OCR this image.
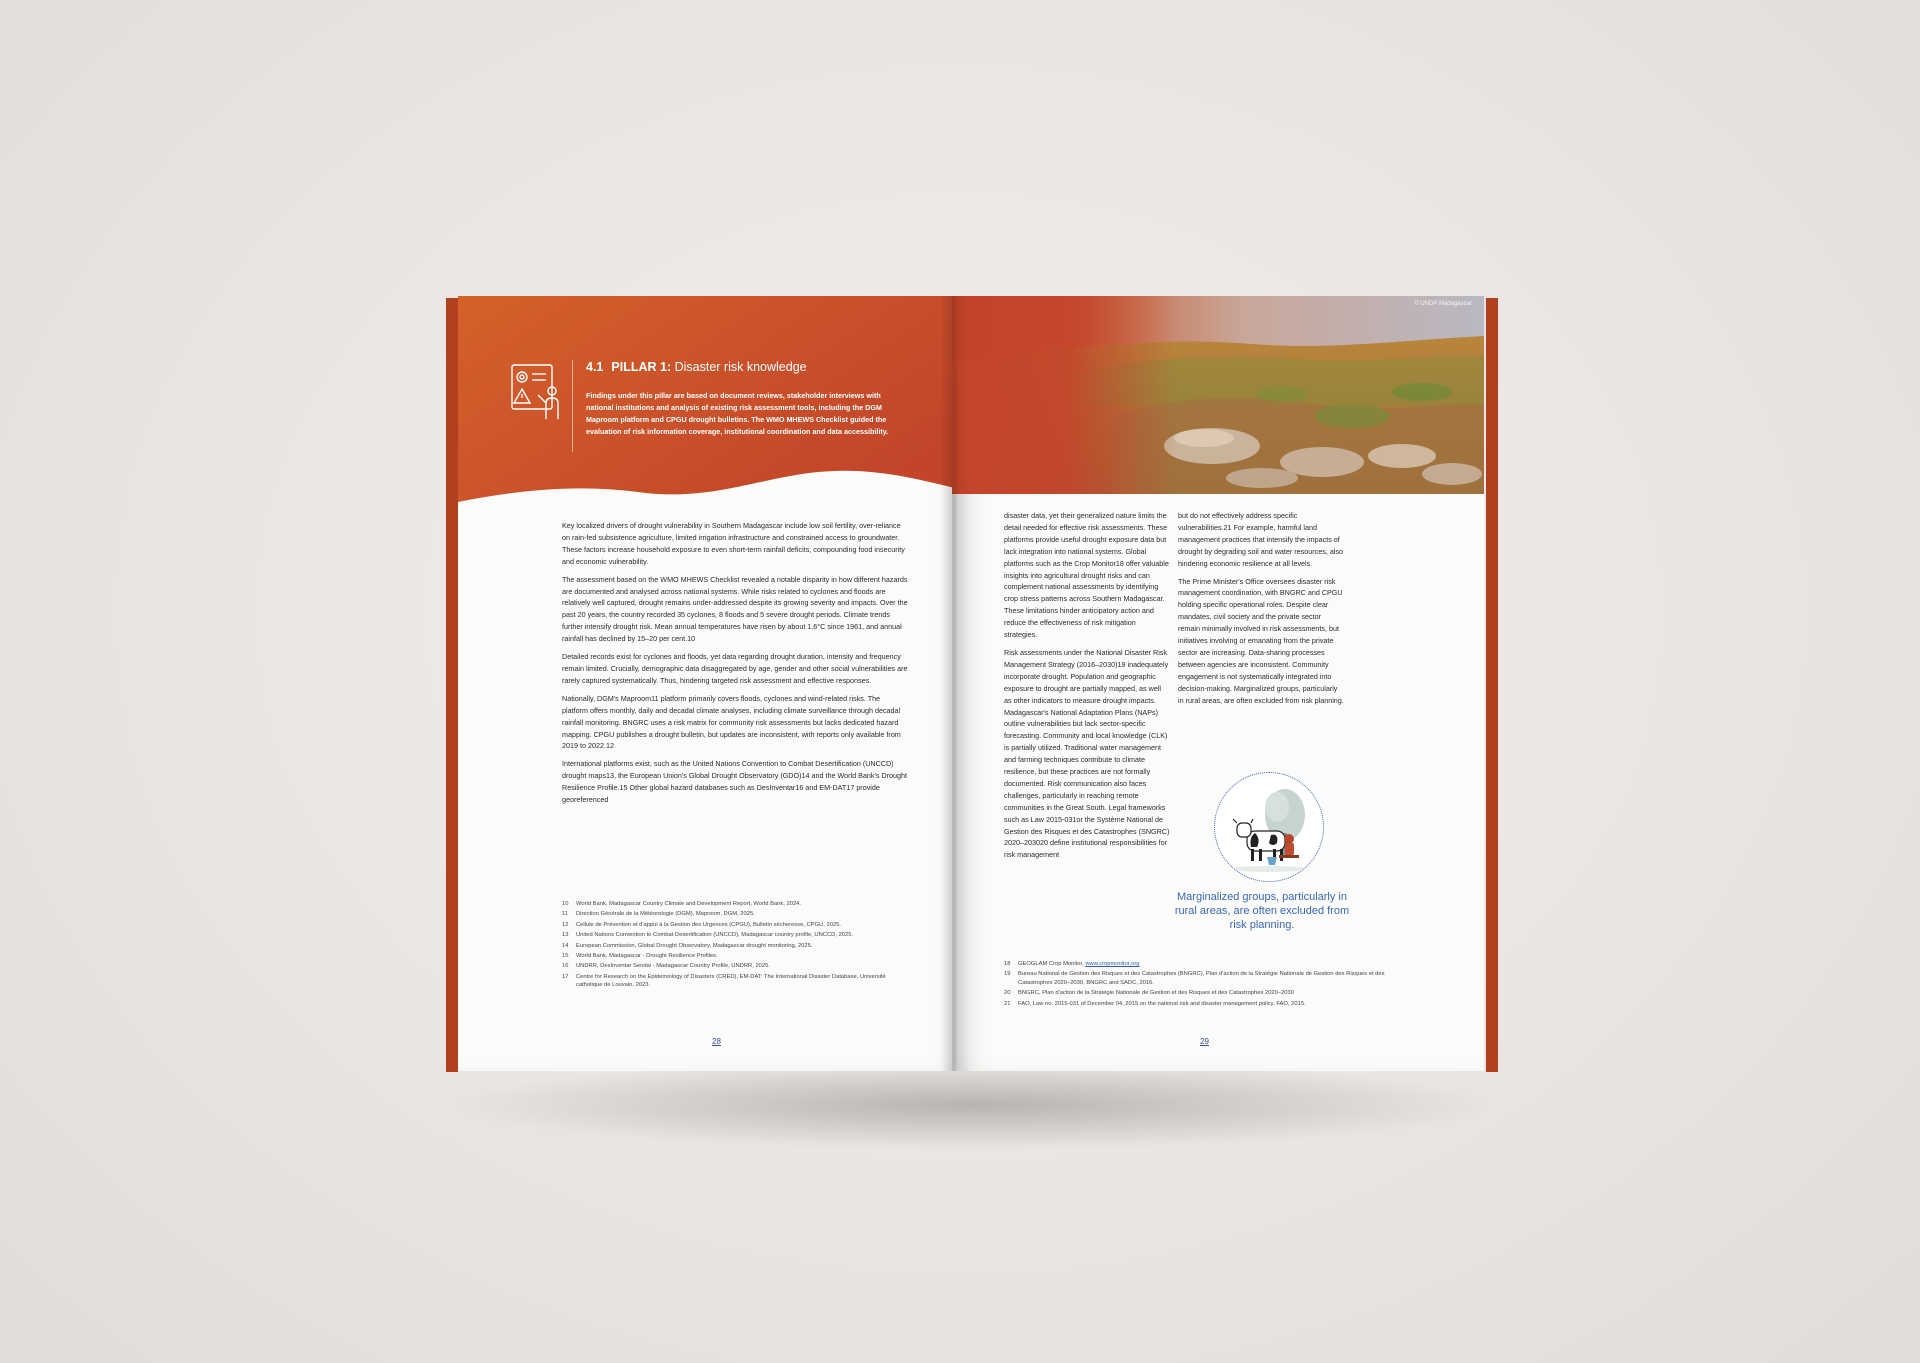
4.1 PILLAR 1: Disaster risk knowledge
Findings under this pillar are based on document reviews, stakeholder interviews with national institutions and analysis of existing risk assessment tools, including the DGM Maproom platform and CPGU drought bulletins. The WMO MHEWS Checklist guided the evaluation of risk information coverage, institutional coordination and data accessibility.

Key localized drivers of drought vulnerability in Southern Madagascar include low soil fertility, over-reliance on rain-fed subsistence agriculture, limited irrigation infrastructure and constrained access to groundwater. These factors increase household exposure to even short-term rainfall deficits, compounding food insecurity and economic vulnerability.

The assessment based on the WMO MHEWS Checklist revealed a notable disparity in how different hazards are documented and analysed across national systems. While risks related to cyclones and floods are relatively well captured, drought remains under-addressed despite its growing severity and impacts. Over the past 20 years, the country recorded 35 cyclones, 8 floods and 5 severe drought periods. Climate trends further intensify drought risk. Mean annual temperatures have risen by about 1.6°C since 1961, and annual rainfall has declined by 15–20 per cent.10

Detailed records exist for cyclones and floods, yet data regarding drought duration, intensity and frequency remain limited. Crucially, demographic data disaggregated by age, gender and other social vulnerabilities are rarely captured systematically. Thus, hindering targeted risk assessment and effective responses.

Nationally, DGM's Maproom11 platform primarily covers floods, cyclones and wind-related risks. The platform offers monthly, daily and decadal climate analyses, including climate surveillance through decadal rainfall monitoring. BNGRC uses a risk matrix for community risk assessments but lacks dedicated hazard mapping. CPGU publishes a drought bulletin, but updates are inconsistent, with reports only available from 2019 to 2022.12

International platforms exist, such as the United Nations Convention to Combat Desertification (UNCCD) drought maps13, the European Union's Global Drought Observatory (GDO)14 and the World Bank's Drought Resilience Profile.15 Other global hazard databases such as DesInventar16 and EM-DAT17 provide georeferenced

10	World Bank, Madagascar Country Climate and Development Report, World Bank, 2024.
11	Direction Générale de la Météorologie (DGM), Maproom, DGM, 2025.
12	Cellule de Prévention et d'appui à la Gestion des Urgences (CPGU), Bulletin sécheresse, CPGU, 2025.
13	United Nations Convention to Combat Desertification (UNCCD), Madagascar country profile, UNCCD, 2025.
14	European Commission, Global Drought Observatory, Madagascar drought monitoring, 2025.
15	World Bank, Madagascar - Drought Resilience Profiles.
16	UNDRR, DesInventar Sendai - Madagascar Country Profile, UNDRR, 2025.
17	Centre for Research on the Epidemiology of Disasters (CRED), EM-DAT: The International Disaster Database, Université catholique de Louvain, 2023.
28
© UNDP Madagascar

disaster data, yet their generalized nature limits the detail needed for effective risk assessments. These platforms provide useful drought exposure data but lack integration into national systems. Global platforms such as the Crop Monitor18 offer valuable insights into agricultural drought risks and can complement national assessments by identifying crop stress patterns across Southern Madagascar. These limitations hinder anticipatory action and reduce the effectiveness of risk mitigation strategies.

Risk assessments under the National Disaster Risk Management Strategy (2016–2030)19 inadequately incorporate drought. Population and geographic exposure to drought are partially mapped, as well as other indicators to measure drought impacts. Madagascar's National Adaptation Plans (NAPs) outline vulnerabilities but lack sector-specific forecasting. Community and local knowledge (CLK) is partially utilized. Traditional water management and farming techniques contribute to climate resilience, but these practices are not formally documented. Risk communication also faces challenges, particularly in reaching remote communities in the Great South. Legal frameworks such as Law 2015-031or the Système National de Gestion des Risques et des Catastrophes (SNGRC) 2020–203020 define institutional responsibilities for risk management

but do not effectively address specific vulnerabilities.21 For example, harmful land management practices that intensify the impacts of drought by degrading soil and water resources, also hindering economic resilience at all levels.

The Prime Minister's Office oversees disaster risk management coordination, with BNGRC and CPGU holding specific operational roles. Despite clear mandates, civil society and the private sector remain minimally involved in risk assessments, but initiatives involving or emanating from the private sector are increasing. Data-sharing processes between agencies are inconsistent. Community engagement is not systematically integrated into decision-making. Marginalized groups, particularly in rural areas, are often excluded from risk planning.

Marginalized groups, particularly in rural areas, are often excluded from risk planning.
18	GEOGLAM Crop Monitor, www.cropmonitor.org
19	Bureau National de Gestion des Risques et des Catastrophes (BNGRC), Plan d'action de la Stratégie Nationale de Gestion des Risques et des Catastrophes 2020–2030, BNGRC and SADC, 2016.
20	BNGRC, Plan d'action de la Stratégie Nationale de Gestion et des Risques et des Catastrophes 2020–2030
21	FAO, Law no. 2015-031 of December 04, 2015 on the national risk and disaster management policy, FAO, 2015.
29
